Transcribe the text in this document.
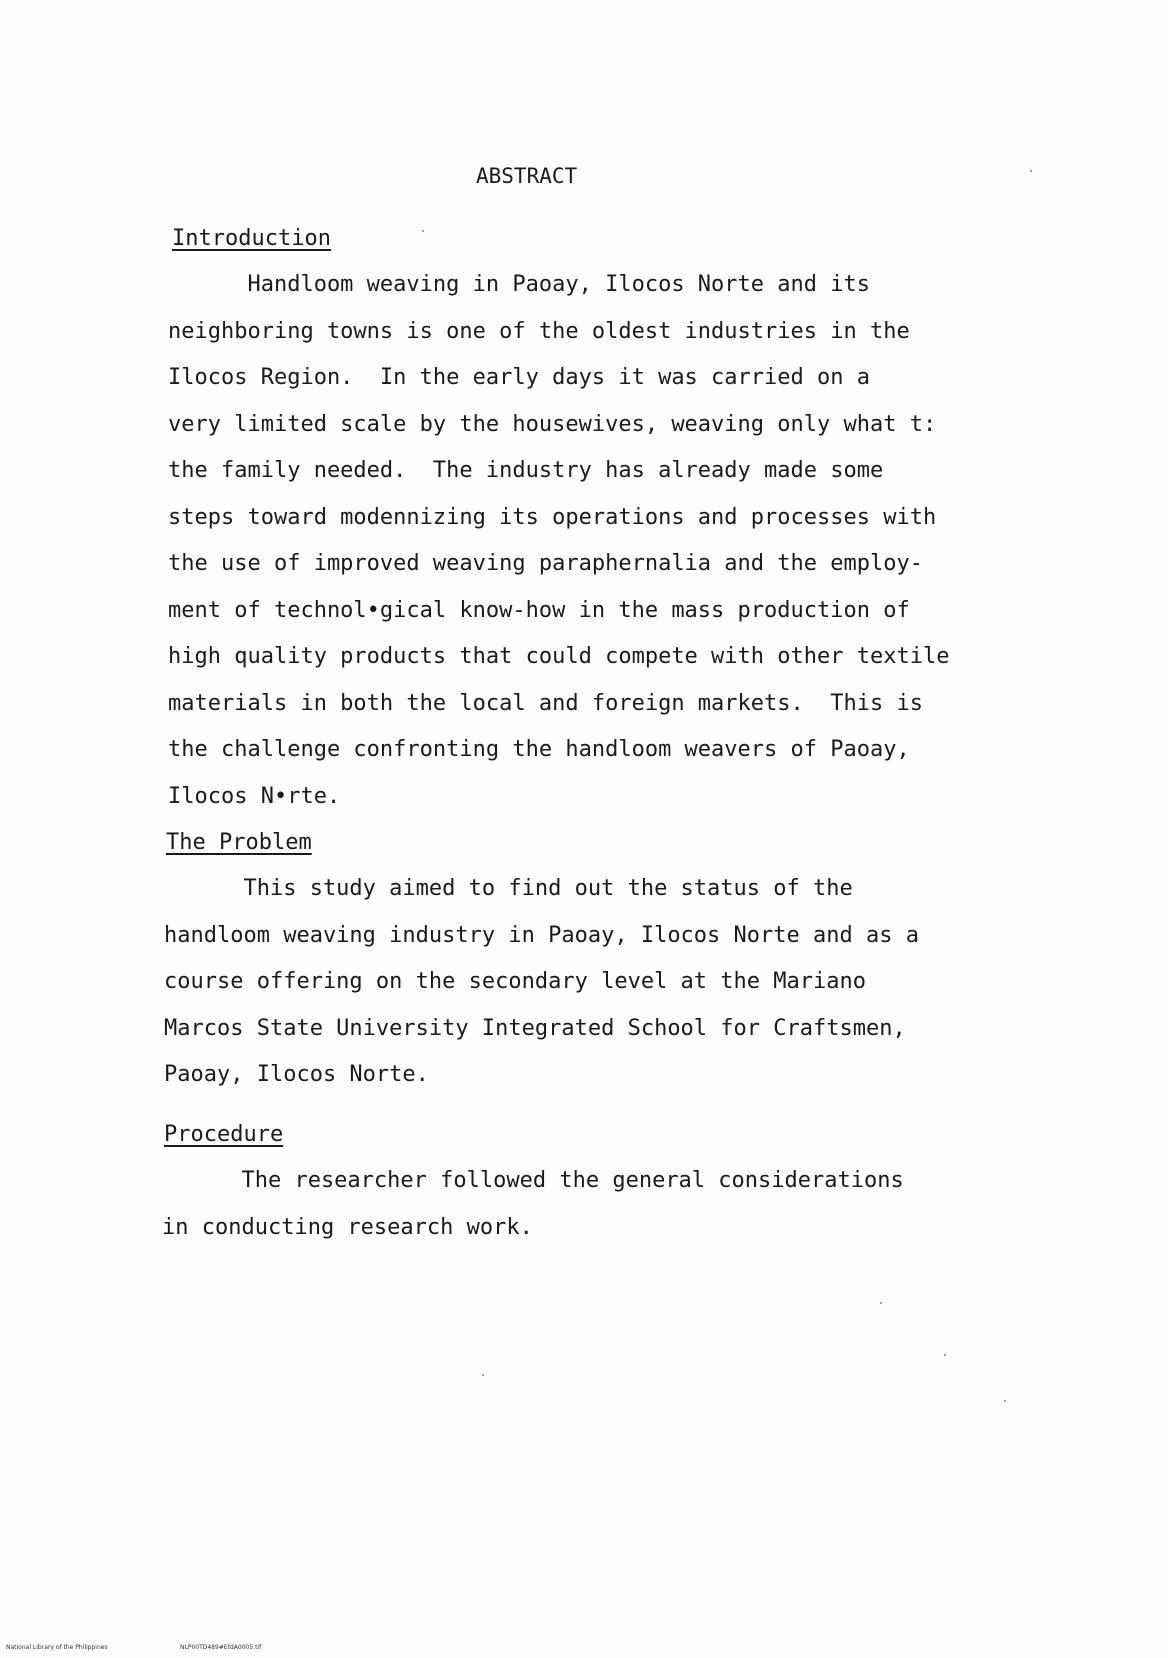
ABSTRACT
Introduction
Handloom weaving in Paoay, Ilocos Norte and its
neighboring towns is one of the oldest industries in the
Ilocos Region.  In the early days it was carried on a
very limited scale by the housewives, weaving only what t:
the family needed.  The industry has already made some
steps toward modennizing its operations and processes with
the use of improved weaving paraphernalia and the employ-
ment of technol•gical know-how in the mass production of
high quality products that could compete with other textile
materials in both the local and foreign markets.  This is
the challenge confronting the handloom weavers of Paoay,
Ilocos N•rte.
The Problem
This study aimed to find out the status of the
handloom weaving industry in Paoay, Ilocos Norte and as a
course offering on the secondary level at the Mariano
Marcos State University Integrated School for Craftsmen,
Paoay, Ilocos Norte.
Procedure
The researcher followed the general considerations
in conducting research work.
National Library of the Philippines	NLP00TD489#EtdA0005.tif
